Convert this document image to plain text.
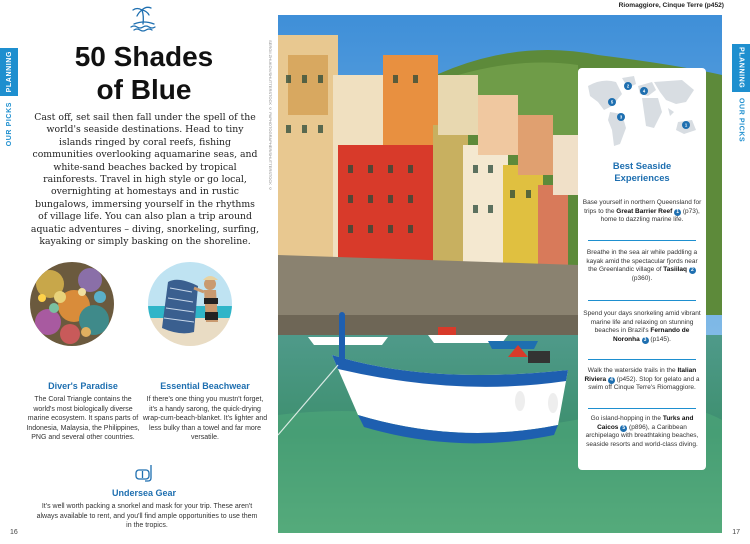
PLANNING
OUR PICKS
PLANNING
OUR PICKS
50 Shades
of Blue

Cast off, set sail then fall under the spell of the world's seaside destinations. Head to tiny islands ringed by coral reefs, fishing communities overlooking aquamarine seas, and white-sand beaches backed by tropical rainforests. Travel in high style or go local, overnighting at homestays and in rustic bungalows, immersing yourself in the rhythms of village life. You can also plan a trip around aquatic adventures – diving, snorkeling, surfing, kayaking or simply basking on the shoreline.

Diver's Paradise
The Coral Triangle contains the world's most biologically diverse marine ecosystem. It spans parts of Indonesia, Malaysia, the Philippines, PNG and several other countries.
Essential Beachwear
If there's one thing you mustn't forget, it's a handy sarong, the quick-drying wrap-cum-beach-blanket. It's lighter and less bulky than a towel and far more versatile.
Undersea Gear
It's well worth packing a snorkel and mask for your trip. These aren't always available to rent, and you'll find ample opportunities to use them in the tropics.
16
Riomaggiore, Cinque Terre (p452)
SERGII ZHUKOV/SHUTTERSTOCK © PAPHOTOGRAPHER/SHUTTERSTOCK ©	1
2
3
4
5
Best Seaside
Experiences
Base yourself in northern Queensland for trips to the Great Barrier Reef 1 (p73), home to dazzling marine life.
Breathe in the sea air while paddling a kayak amid the spectacular fjords near the Greenlandic village of Tasiilaq 2 (p360).
Spend your days snorkeling amid vibrant marine life and relaxing on stunning beaches in Brazil's Fernando de Noronha 3 (p145).
Walk the waterside trails in the Italian Riviera 4 (p452). Stop for gelato and a swim off Cinque Terre's Riomaggiore.
Go island-hopping in the Turks and Caicos 5 (p896), a Caribbean archipelago with breathtaking beaches, seaside resorts and world-class diving.
17
